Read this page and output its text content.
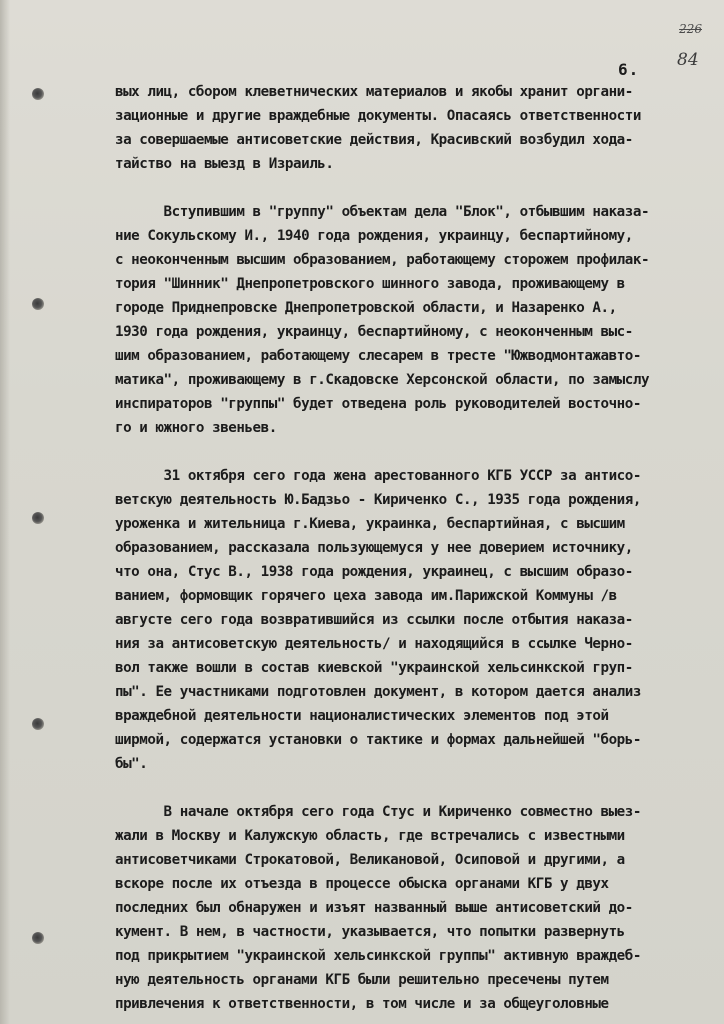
226
6. 84
вых лиц, сбором клеветнических материалов и якобы хранит органи-
зационные и другие враждебные документы. Опасаясь ответственности
за совершаемые антисоветские действия, Красивский возбудил хода-
тайство на выезд в Израиль.
Вступившим в "группу" объектам дела "Блок", отбывшим наказа-
ние Сокульскому И., 1940 года рождения, украинцу, беспартийному,
с неоконченным высшим образованием, работающему сторожем профилак-
тория "Шинник" Днепропетровского шинного завода, проживающему в
городе Приднепровске Днепропетровской области, и Назаренко А.,
1930 года рождения, украинцу, беспартийному, с неоконченным выс-
шим образованием, работающему слесарем в тресте "Южводмонтажавто-
матика", проживающему в г.Скадовске Херсонской области, по замыслу
инспираторов "группы" будет отведена роль руководителей восточно-
го и южного звеньев.
31 октября сего года жена арестованного КГБ УССР за антисо-
ветскую деятельность Ю.Бадзьо - Кириченко С., 1935 года рождения,
уроженка и жительница г.Киева, украинка, беспартийная, с высшим
образованием, рассказала пользующемуся у нее доверием источнику,
что она, Стус В., 1938 года рождения, украинец, с высшим образо-
ванием, формовщик горячего цеха завода им.Парижской Коммуны /в
августе сего года возвратившийся из ссылки после отбытия наказа-
ния за антисоветскую деятельность/ и находящийся в ссылке Черно-
вол также вошли в состав киевской "украинской хельсинкской груп-
пы". Ее участниками подготовлен документ, в котором дается анализ
враждебной деятельности националистических элементов под этой
ширмой, содержатся установки о тактике и формах дальнейшей "борь-
бы".
В начале октября сего года Стус и Кириченко совместно выез-
жали в Москву и Калужскую область, где встречались с известными
антисоветчиками Строкатовой, Великановой, Осиповой и другими, а
вскоре после их отъезда в процессе обыска органами КГБ у двух
последних был обнаружен и изъят названный выше антисоветский до-
кумент. В нем, в частности, указывается, что попытки развернуть
под прикрытием "украинской хельсинкской группы" активную враждеб-
ную деятельность органами КГБ были решительно пресечены путем
привлечения к ответственности, в том числе и за общеуголовные
